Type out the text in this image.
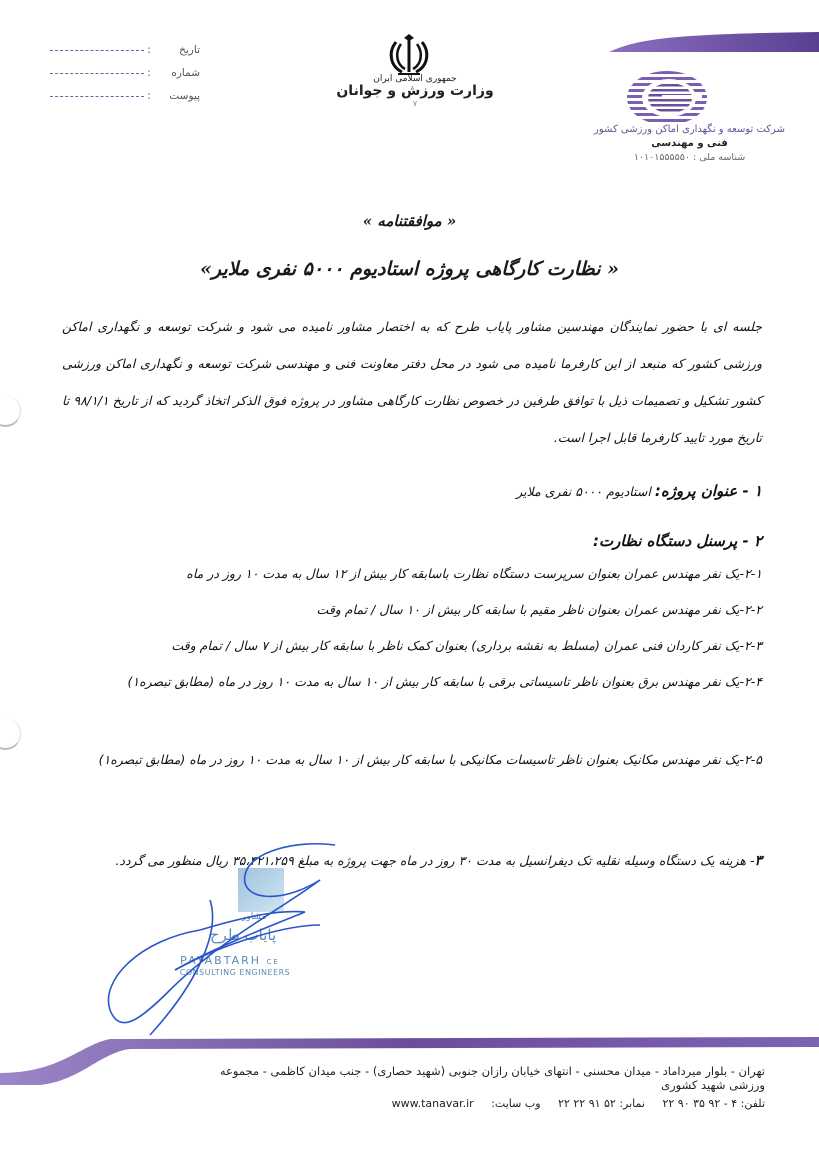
تاریخ
:
شماره
:
پیوست
:
جمهوری اسلامی ایران
وزارت ورزش و جوانان
۷
شرکت توسعه و نگهداری اماکن ورزشی کشور
فنی و مهندسی
شناسه ملی : ۱۰۱۰۱۵۵۵۵۵۰
« موافقتنامه »
« نظارت کارگاهی پروژه استادیوم ۵۰۰۰ نفری ملایر»
جلسه ای با حضور نمایندگان مهندسین مشاور پایاب طرح که به اختصار مشاور نامیده می شود و شرکت توسعه و نگهداری اماکن ورزشی کشور که منبعد از این کارفرما نامیده می شود در محل دفتر معاونت فنی و مهندسی شرکت توسعه و نگهداری اماکن ورزشی کشور تشکیل و تصمیمات ذیل با توافق طرفین در خصوص نظارت کارگاهی مشاور در پروژه فوق الذکر اتخاذ گردید که از تاریخ ۹۸/۱/۱ تا تاریخ مورد تایید کارفرما قابل اجرا است.
۱ - عنوان پروژه: استادیوم ۵۰۰۰ نفری ملایر
۲ - پرسنل دستگاه نظارت:
۲-۱-یک نفر مهندس عمران بعنوان سرپرست دستگاه نظارت باسابقه کار بیش از ۱۲ سال به مدت ۱۰ روز در ماه
۲-۲-یک نفر مهندس عمران بعنوان ناظر مقیم با سابقه کار بیش از ۱۰ سال / تمام وقت
۲-۳-یک نفر کاردان فنی عمران (مسلط به نقشه برداری) بعنوان کمک ناظر با سابقه کار بیش از ۷ سال / تمام وقت
۲-۴-یک نفر مهندس برق بعنوان ناظر تاسیساتی برقی با سابقه کار بیش از ۱۰ سال به مدت ۱۰ روز در ماه (مطابق تبصره۱)
۲-۵-یک نفر مهندس مکانیک بعنوان ناظر تاسیسات مکانیکی با سابقه کار بیش از ۱۰ سال به مدت ۱۰ روز در ماه (مطابق تبصره۱)
۳- هزینه یک دستگاه وسیله نقلیه تک دیفرانسیل به مدت ۳۰ روز در ماه جهت پروژه به مبلغ ۳۵،۴۲۱،۲۵۹ ریال منظور می گردد.
مشاور
پایاب طرح
PAYABTARH CE
CONSULTING ENGINEERS
تهران - بلوار میرداماد - میدان محسنی - انتهای خیابان رازان جنوبی (شهید حصاری) - جنب میدان کاظمی - مجموعه ورزشی شهید کشوری
تلفن: ۴ - ۹۲ ۳۵ ۹۰ ۲۲ نمابر: ۵۲ ۹۱ ۲۲ ۲۲ وب سایت: www.tanavar.ir
